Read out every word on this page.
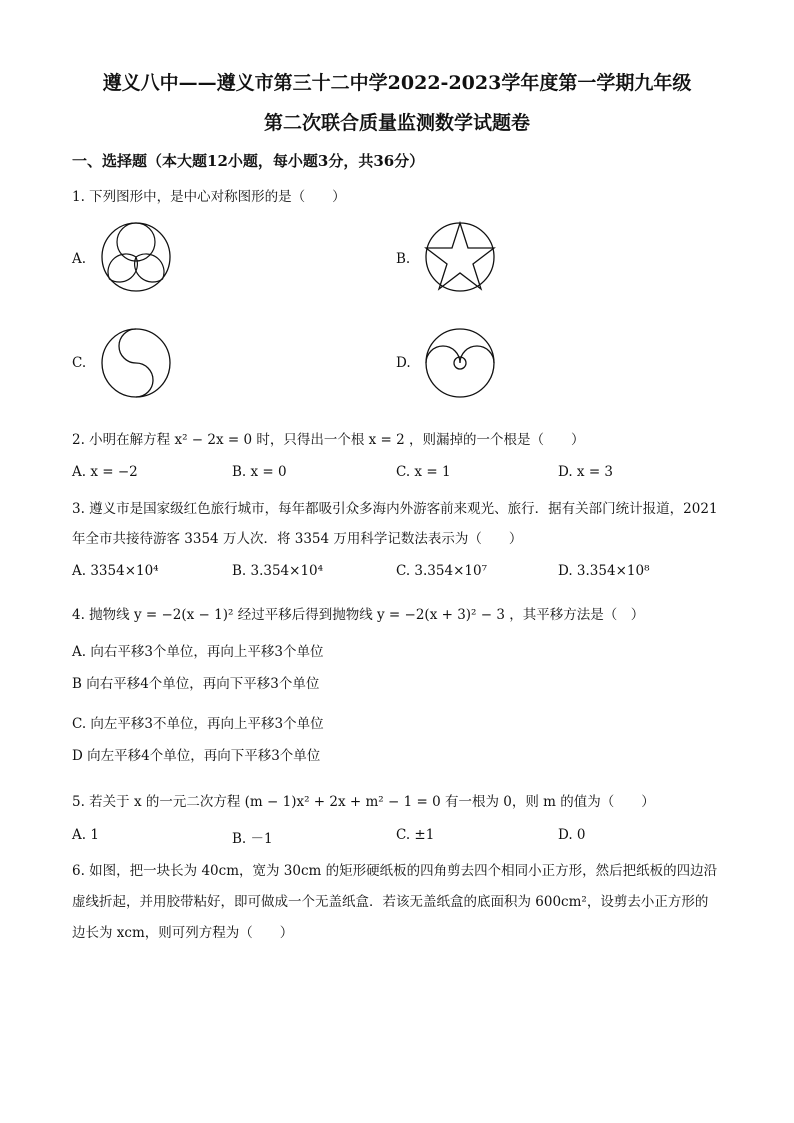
遵义八中——遵义市第三十二中学2022-2023学年度第一学期九年级
第二次联合质量监测数学试题卷
一、选择题（本大题12小题，每小题3分，共36分）
1. 下列图形中，是中心对称图形的是（　　）
A.	B.
C.	D.
2. 小明在解方程 x² − 2x = 0 时，只得出一个根 x = 2 ，则漏掉的一个根是（　　）
A. x = −2	B. x = 0	C. x = 1	D. x = 3
3. 遵义市是国家级红色旅行城市，每年都吸引众多海内外游客前来观光、旅行．据有关部门统计报道，2021
年全市共接待游客 3354 万人次．将 3354 万用科学记数法表示为（　　）
A. 3354×10⁴	B. 3.354×10⁴	C. 3.354×10⁷	D. 3.354×10⁸
4. 抛物线 y = −2(x − 1)² 经过平移后得到抛物线 y = −2(x + 3)² − 3 ，其平移方法是（　）
A. 向右平移3个单位，再向上平移3个单位
B 向右平移4个单位，再向下平移3个单位
C. 向左平移3不单位，再向上平移3个单位
D 向左平移4个单位，再向下平移3个单位
5. 若关于 x 的一元二次方程 (m − 1)x² + 2x + m² − 1 = 0 有一根为 0，则 m 的值为（　　）
A. 1	B. －1	C. ±1	D. 0
6. 如图，把一块长为 40cm，宽为 30cm 的矩形硬纸板的四角剪去四个相同小正方形，然后把纸板的四边沿
虚线折起，并用胶带粘好，即可做成一个无盖纸盒．若该无盖纸盒的底面积为 600cm²，设剪去小正方形的
边长为 xcm，则可列方程为（　　）
